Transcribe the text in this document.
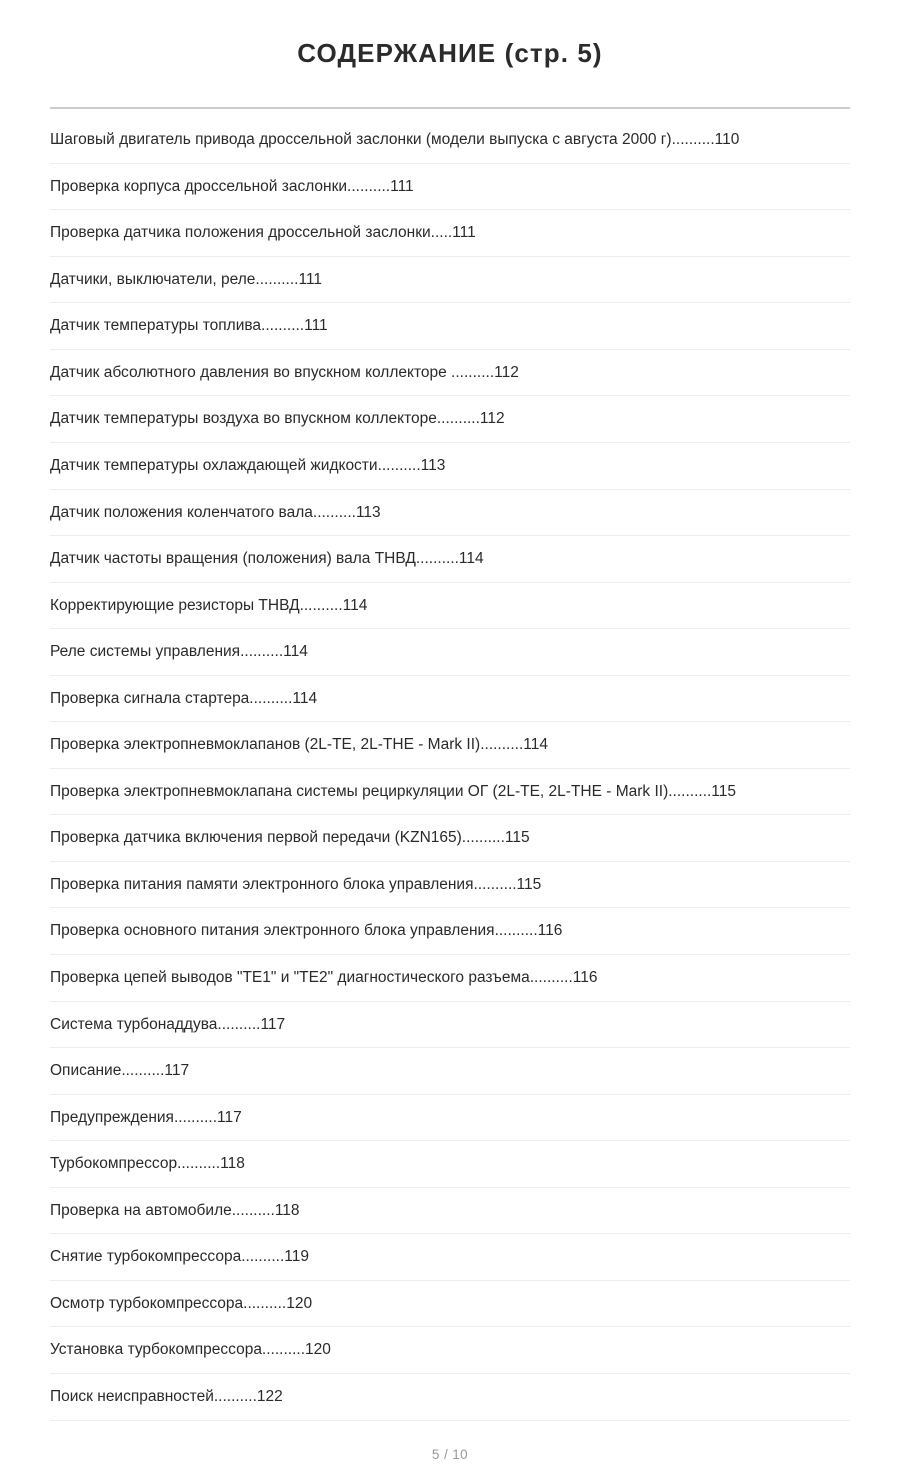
СОДЕРЖАНИЕ (стр. 5)
Шаговый двигатель привода дроссельной заслонки (модели выпуска с августа 2000 г)..........110
Проверка корпуса дроссельной заслонки..........111
Проверка датчика положения дроссельной заслонки.....111
Датчики, выключатели, реле..........111
Датчик температуры топлива..........111
Датчик абсолютного давления во впускном коллекторе ..........112
Датчик температуры воздуха во впускном коллекторе..........112
Датчик температуры охлаждающей жидкости..........113
Датчик положения коленчатого вала..........113
Датчик частоты вращения (положения) вала ТНВД..........114
Корректирующие резисторы ТНВД..........114
Реле системы управления..........114
Проверка сигнала стартера..........114
Проверка электропневмоклапанов (2L-TE, 2L-THE - Mark II)..........114
Проверка электропневмоклапана системы рециркуляции ОГ (2L-TE, 2L-THE - Mark II)..........115
Проверка датчика включения первой передачи (KZN165)..........115
Проверка питания памяти электронного блока управления..........115
Проверка основного питания электронного блока управления..........116
Проверка цепей выводов "ТЕ1" и "ТЕ2" диагностического разъема..........116
Система турбонаддува..........117
Описание..........117
Предупреждения..........117
Турбокомпрессор..........118
Проверка на автомобиле..........118
Снятие турбокомпрессора..........119
Осмотр турбокомпрессора..........120
Установка турбокомпрессора..........120
Поиск неисправностей..........122
5 / 10
